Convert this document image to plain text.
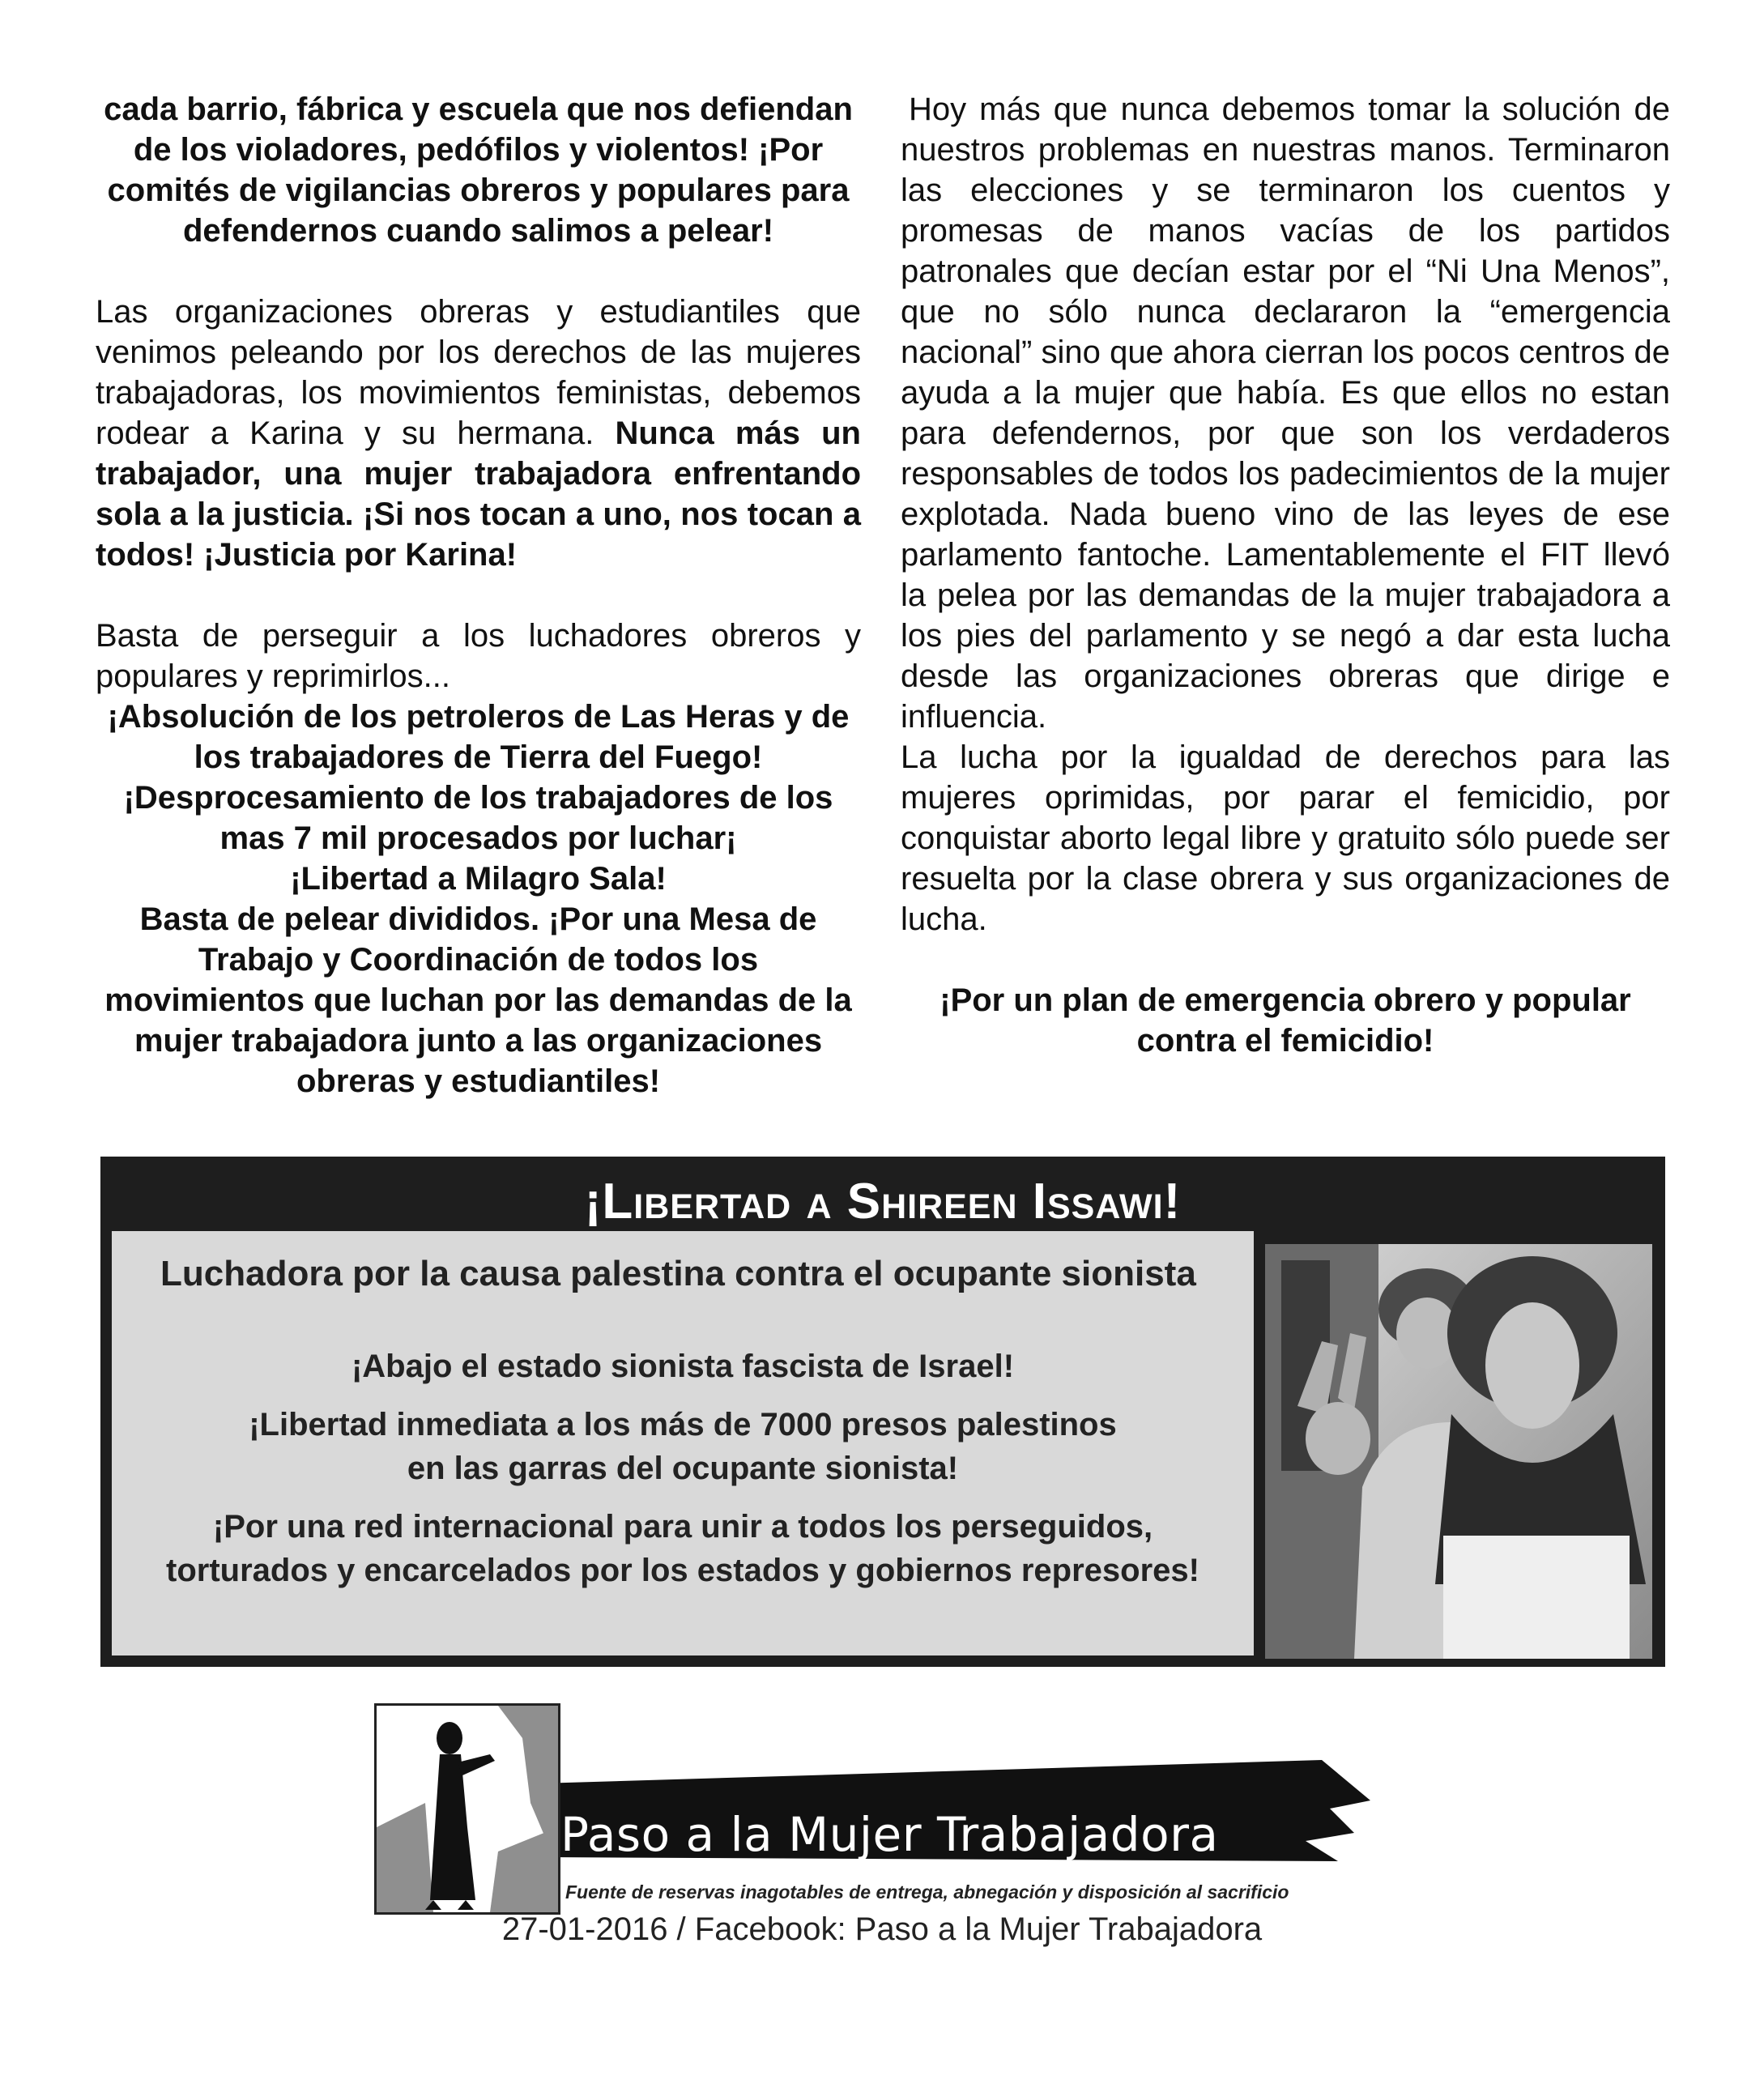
cada barrio, fábrica y escuela que nos defiendan de los violadores, pedófilos y violentos! ¡Por comités de vigilancias obreros y populares para defendernos cuando salimos a pelear!

Las organizaciones obreras y estudiantiles que venimos peleando por los derechos de las mujeres trabajadoras, los movimientos feministas, debemos rodear a Karina y su hermana. Nunca más un trabajador, una mujer trabajadora enfrentando sola a la justicia. ¡Si nos tocan a uno, nos tocan a todos! ¡Justicia por Karina!

Basta de perseguir a los luchadores obreros y populares y reprimirlos...

¡Absolución de los petroleros de Las Heras y de los trabajadores de Tierra del Fuego!¡Desprocesamiento de los trabajadores de los mas 7 mil procesados por luchar¡

¡Libertad a Milagro Sala!

Basta de pelear divididos. ¡Por una Mesa de Trabajo y Coordinación de todos los movimientos que luchan por las demandas de la mujer trabajadora junto a las organizaciones obreras y estudiantiles!

Hoy más que nunca debemos tomar la solución de nuestros problemas en nuestras manos. Terminaron las elecciones y se terminaron los cuentos y promesas de manos vacías de los partidos patronales que decían estar por el “Ni Una Menos”, que no sólo nunca declararon la “emergencia nacional” sino que ahora cierran los pocos centros de ayuda a la mujer que había. Es que ellos no estan para defendernos, por que son los verdaderos responsables de todos los padecimientos de la mujer explotada. Nada bueno vino de las leyes de ese parlamento fantoche. Lamentablemente el FIT llevó la pelea por las demandas de la mujer trabajadora a los pies del parlamento y se negó a dar esta lucha desde las organizaciones obreras que dirige e influencia.

La lucha por la igualdad de derechos para las mujeres oprimidas, por parar el femicidio, por conquistar aborto legal libre y gratuito sólo puede ser resuelta por la clase obrera y sus organizaciones de lucha.

¡Por un plan de emergencia obrero y popular contra el femicidio!

¡Libertad a Shireen Issawi!
Luchadora por la causa palestina contra el ocupante sionista
¡Abajo el estado sionista fascista de Israel!
¡Libertad inmediata a los más de 7000 presos palestinos
en las garras del ocupante sionista!
¡Por una red internacional para unir a todos los perseguidos,
torturados y encarcelados por los estados y gobiernos represores!
Paso a la Mujer Trabajadora
Fuente de reservas inagotables de entrega, abnegación y disposición al sacrificio
27-01-2016 / Facebook: Paso a la Mujer Trabajadora
